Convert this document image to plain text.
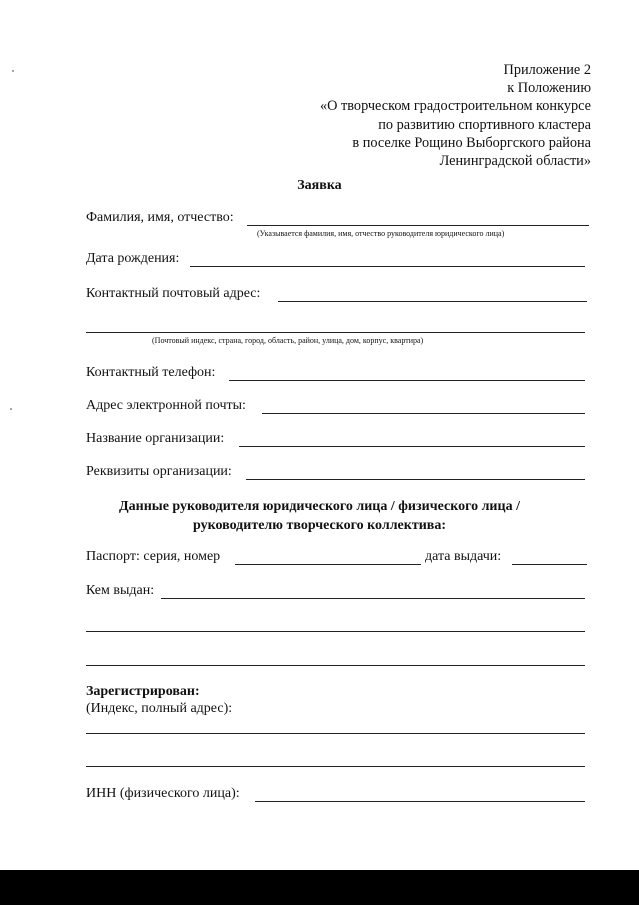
Приложение 2
к Положению
«О творческом градостроительном конкурсе
по развитию спортивного кластера
в поселке Рощино Выборгского района
Ленинградской области»
Заявка
Фамилия, имя, отчество:
(Указывается фамилия, имя, отчество руководителя юридического лица)
Дата рождения:
Контактный почтовый адрес:
(Почтовый индекс, страна, город, область, район, улица, дом, корпус, квартира)
Контактный телефон:
Адрес электронной почты:
Название организации:
Реквизиты организации:
Данные руководителя юридического лица / физического лица /
руководителю творческого коллектива:
Паспорт: серия, номер	дата выдачи:
Кем выдан:
Зарегистрирован:
(Индекс, полный адрес):
ИНН (физического лица):
